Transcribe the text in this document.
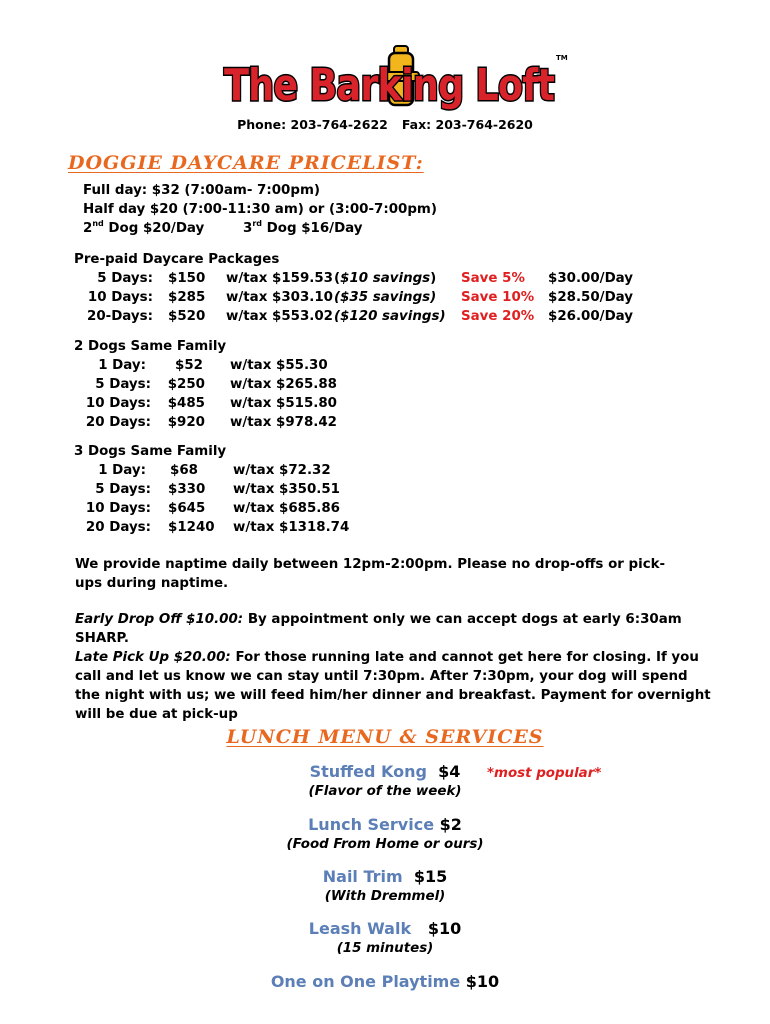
The Barking Loft
TM
Phone: 203-764-2622 Fax: 203-764-2620
DOGGIE DAYCARE PRICELIST:
Full day: $32 (7:00am- 7:00pm)
Half day $20 (7:00-11:30 am) or (3:00-7:00pm)
2nd Dog $20/Day	3rd Dog $16/Day
Pre-paid Daycare Packages
5 Days: $150 w/tax $159.53 ($10 savings) Save 5% $30.00/Day
10 Days: $285 w/tax $303.10 ($35 savings) Save 10% $28.50/Day
20-Days: $520 w/tax $553.02 ($120 savings) Save 20% $26.00/Day
2 Dogs Same Family
1 Day: $52 w/tax $55.30
5 Days: $250 w/tax $265.88
10 Days: $485 w/tax $515.80
20 Days: $920 w/tax $978.42
3 Dogs Same Family
1 Day: $68	w/tax $72.32
5 Days: $330 w/tax $350.51
10 Days: $645 w/tax $685.86
20 Days: $1240 w/tax $1318.74
We provide naptime daily between 12pm-2:00pm. Please no drop-offs or pick-ups during naptime.
Early Drop Off $10.00: By appointment only we can accept dogs at early 6:30am SHARP.
Late Pick Up $20.00: For those running late and cannot get here for closing. If you call and let us know we can stay until 7:30pm. After 7:30pm, your dog will spend the night with us; we will feed him/her dinner and breakfast. Payment for overnight will be due at pick-up
LUNCH MENU & SERVICES
Stuffed Kong $4 *most popular*
(Flavor of the week)
Lunch Service $2
(Food From Home or ours)
Nail Trim $15
(With Dremmel)
Leash Walk $10
(15 minutes)
One on One Playtime $10
